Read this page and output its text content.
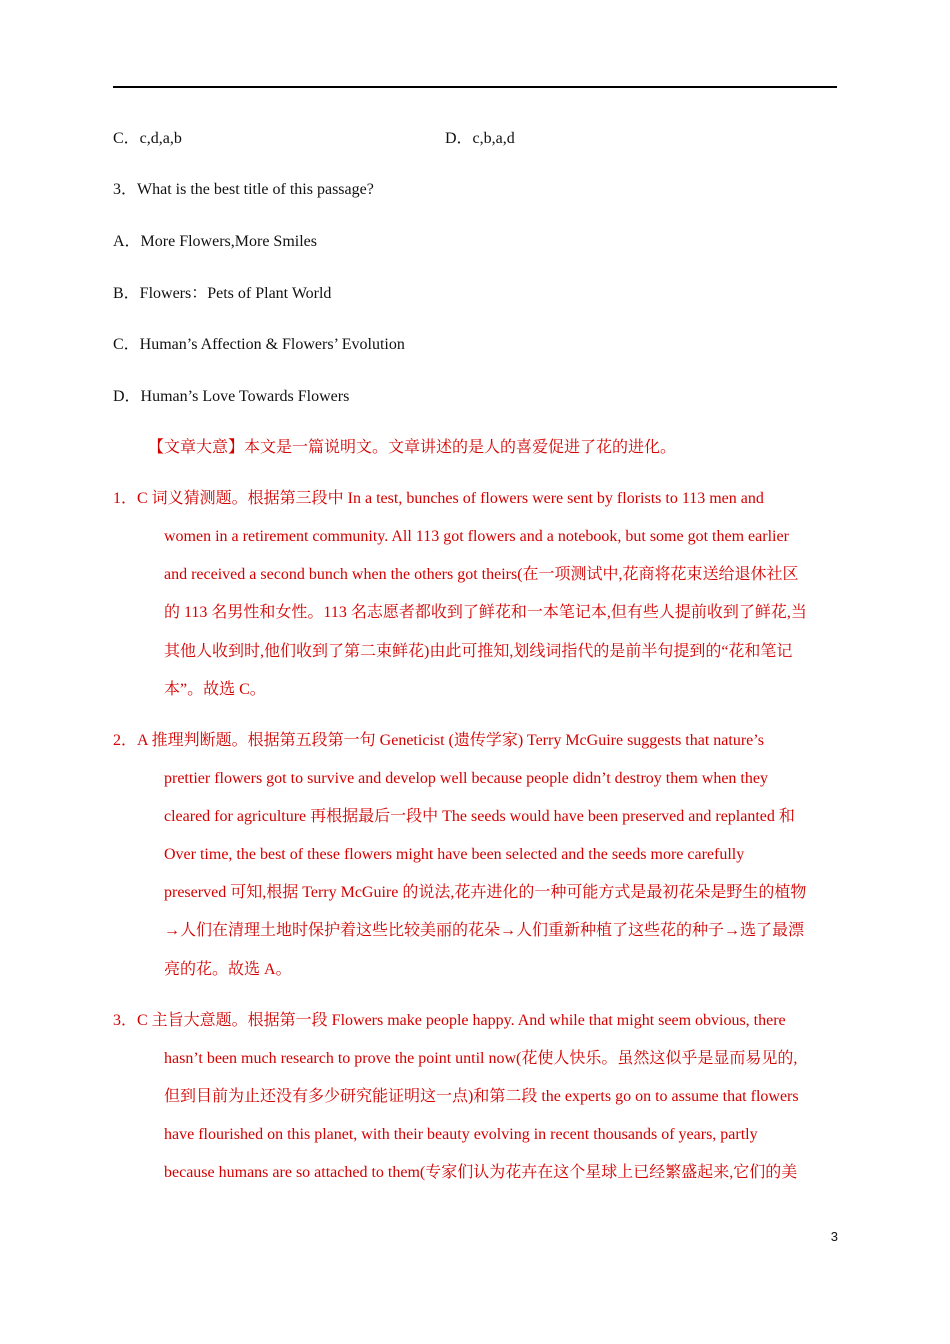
C．c,d,a,b	D．c,b,a,d
3．What is the best title of this passage?
A．More Flowers,More Smiles
B．Flowers：Pets of Plant World
C．Human’s Affection & Flowers’ Evolution
D．Human’s Love Towards Flowers
【文章大意】本文是一篇说明文。文章讲述的是人的喜爱促进了花的进化。
1．C 词义猜测题。根据第三段中 In a test, bunches of flowers were sent by florists to 113 men and
women in a retirement community. All 113 got flowers and a notebook, but some got them earlier
and received a second bunch when the others got theirs(在一项测试中,花商将花束送给退休社区
的 113 名男性和女性。113 名志愿者都收到了鲜花和一本笔记本,但有些人提前收到了鲜花,当
其他人收到时,他们收到了第二束鲜花)由此可推知,划线词指代的是前半句提到的“花和笔记
本”。故选 C。
2．A 推理判断题。根据第五段第一句 Geneticist (遗传学家) Terry McGuire suggests that nature’s
prettier flowers got to survive and develop well because people didn’t destroy them when they
cleared for agriculture 再根据最后一段中 The seeds would have been preserved and replanted 和
Over time, the best of these flowers might have been selected and the seeds more carefully
preserved 可知,根据 Terry McGuire 的说法,花卉进化的一种可能方式是最初花朵是野生的植物
→人们在清理土地时保护着这些比较美丽的花朵→人们重新种植了这些花的种子→选了最漂
亮的花。故选 A。
3．C 主旨大意题。根据第一段 Flowers make people happy. And while that might seem obvious, there
hasn’t been much research to prove the point until now(花使人快乐。虽然这似乎是显而易见的,
但到目前为止还没有多少研究能证明这一点)和第二段 the experts go on to assume that flowers
have flourished on this planet, with their beauty evolving in recent thousands of years, partly
because humans are so attached to them(专家们认为花卉在这个星球上已经繁盛起来,它们的美
3
